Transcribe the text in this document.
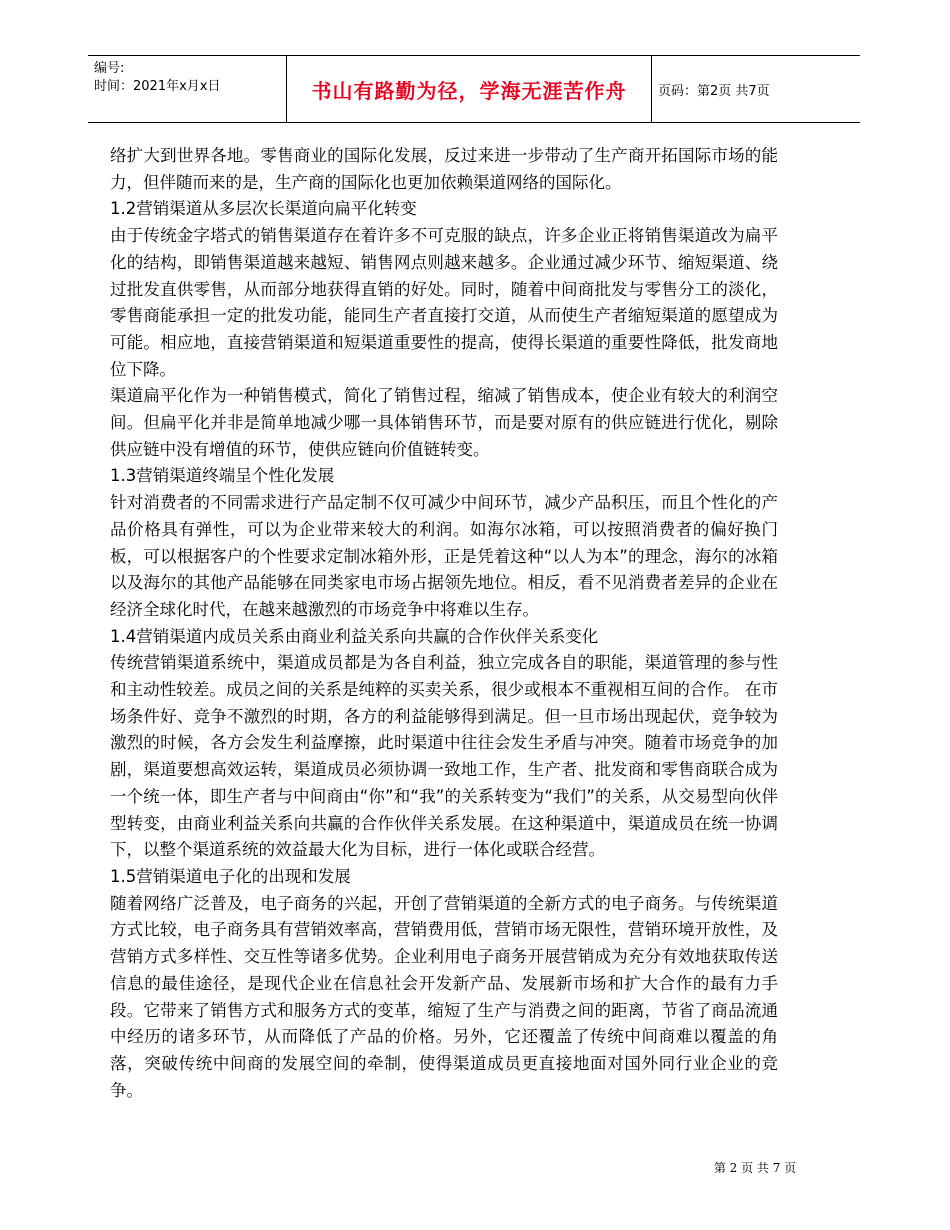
编号:
时间：2021年x月x日	书山有路勤为径，学海无涯苦作舟 页码：第2页 共7页

络扩大到世界各地。零售商业的国际化发展，反过来进一步带动了生产商开拓国际市场的能力，但伴随而来的是，生产商的国际化也更加依赖渠道网络的国际化。

1.2营销渠道从多层次长渠道向扁平化转变

由于传统金字塔式的销售渠道存在着许多不可克服的缺点，许多企业正将销售渠道改为扁平化的结构，即销售渠道越来越短、销售网点则越来越多。企业通过减少环节、缩短渠道、绕过批发直供零售，从而部分地获得直销的好处。同时，随着中间商批发与零售分工的淡化，零售商能承担一定的批发功能，能同生产者直接打交道，从而使生产者缩短渠道的愿望成为可能。相应地，直接营销渠道和短渠道重要性的提高，使得长渠道的重要性降低，批发商地位下降。

渠道扁平化作为一种销售模式，简化了销售过程，缩减了销售成本，使企业有较大的利润空间。但扁平化并非是简单地减少哪一具体销售环节，而是要对原有的供应链进行优化，剔除供应链中没有增值的环节，使供应链向价值链转变。

1.3营销渠道终端呈个性化发展

针对消费者的不同需求进行产品定制不仅可减少中间环节，减少产品积压，而且个性化的产品价格具有弹性，可以为企业带来较大的利润。如海尔冰箱，可以按照消费者的偏好换门板，可以根据客户的个性要求定制冰箱外形，正是凭着这种“以人为本”的理念，海尔的冰箱以及海尔的其他产品能够在同类家电市场占据领先地位。相反，看不见消费者差异的企业在经济全球化时代，在越来越激烈的市场竞争中将难以生存。

1.4营销渠道内成员关系由商业利益关系向共赢的合作伙伴关系变化

传统营销渠道系统中，渠道成员都是为各自利益，独立完成各自的职能，渠道管理的参与性和主动性较差。成员之间的关系是纯粹的买卖关系，很少或根本不重视相互间的合作。 在市场条件好、竞争不激烈的时期，各方的利益能够得到满足。但一旦市场出现起伏，竞争较为激烈的时候，各方会发生利益摩擦，此时渠道中往往会发生矛盾与冲突。随着市场竞争的加剧，渠道要想高效运转，渠道成员必须协调一致地工作，生产者、批发商和零售商联合成为一个统一体，即生产者与中间商由“你”和“我”的关系转变为“我们”的关系，从交易型向伙伴型转变，由商业利益关系向共赢的合作伙伴关系发展。在这种渠道中，渠道成员在统一协调下，以整个渠道系统的效益最大化为目标，进行一体化或联合经营。

1.5营销渠道电子化的出现和发展

随着网络广泛普及，电子商务的兴起，开创了营销渠道的全新方式的电子商务。与传统渠道方式比较，电子商务具有营销效率高，营销费用低，营销市场无限性，营销环境开放性，及营销方式多样性、交互性等诸多优势。企业利用电子商务开展营销成为充分有效地获取传送信息的最佳途径，是现代企业在信息社会开发新产品、发展新市场和扩大合作的最有力手段。它带来了销售方式和服务方式的变革，缩短了生产与消费之间的距离，节省了商品流通中经历的诸多环节，从而降低了产品的价格。另外，它还覆盖了传统中间商难以覆盖的角落，突破传统中间商的发展空间的牵制，使得渠道成员更直接地面对国外同行业企业的竞争。

第 2 页 共 7 页
